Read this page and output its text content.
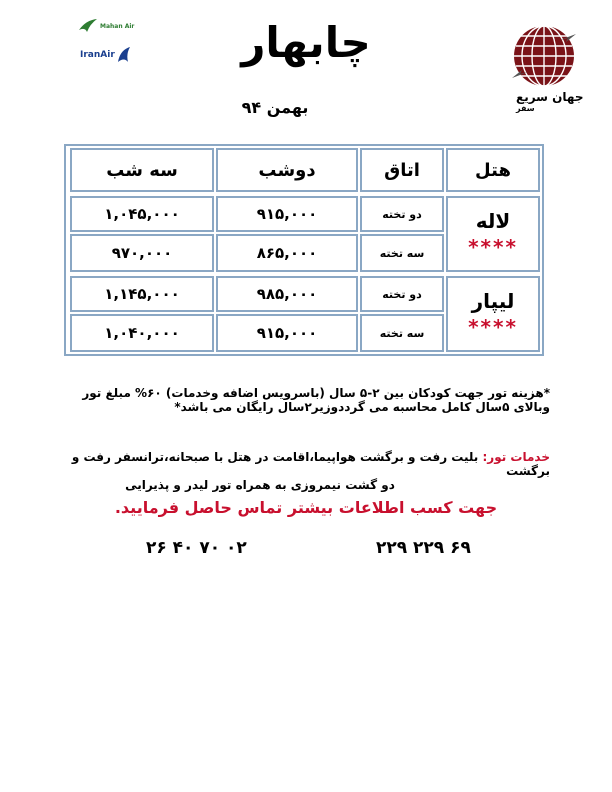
Mahan Air
IranAir	چابهار
بهمن ۹۴
جهان سریع
سفر
هتل
اتاق
دوشب
سه شب
لاله
****
دو تخته
۹۱۵,۰۰۰
۱,۰۴۵,۰۰۰
سه تخته
۸۶۵,۰۰۰
۹۷۰,۰۰۰
لیپار
****
دو تخته
۹۸۵,۰۰۰
۱,۱۴۵,۰۰۰
سه تخته
۹۱۵,۰۰۰
۱,۰۴۰,۰۰۰
*هزینه تور جهت کودکان بین ۲-۵ سال (باسرویس اضافه وخدمات) ۶۰% مبلغ تور
وبالای ۵سال کامل محاسبه می گرددوزیر۲سال رایگان می باشد*
خدمات تور: بلیت رفت و برگشت هواپیما،اقامت در هتل با صبحانه،ترانسفر رفت و برگشت
دو گشت نیمروزی به همراه تور لیدر و پذیرایی
جهت کسب اطلاعات بیشتر تماس حاصل فرمایید.
۲۲۹ ۲۲۹ ۶۹
۲۶ ۴۰ ۷۰ ۰۲
